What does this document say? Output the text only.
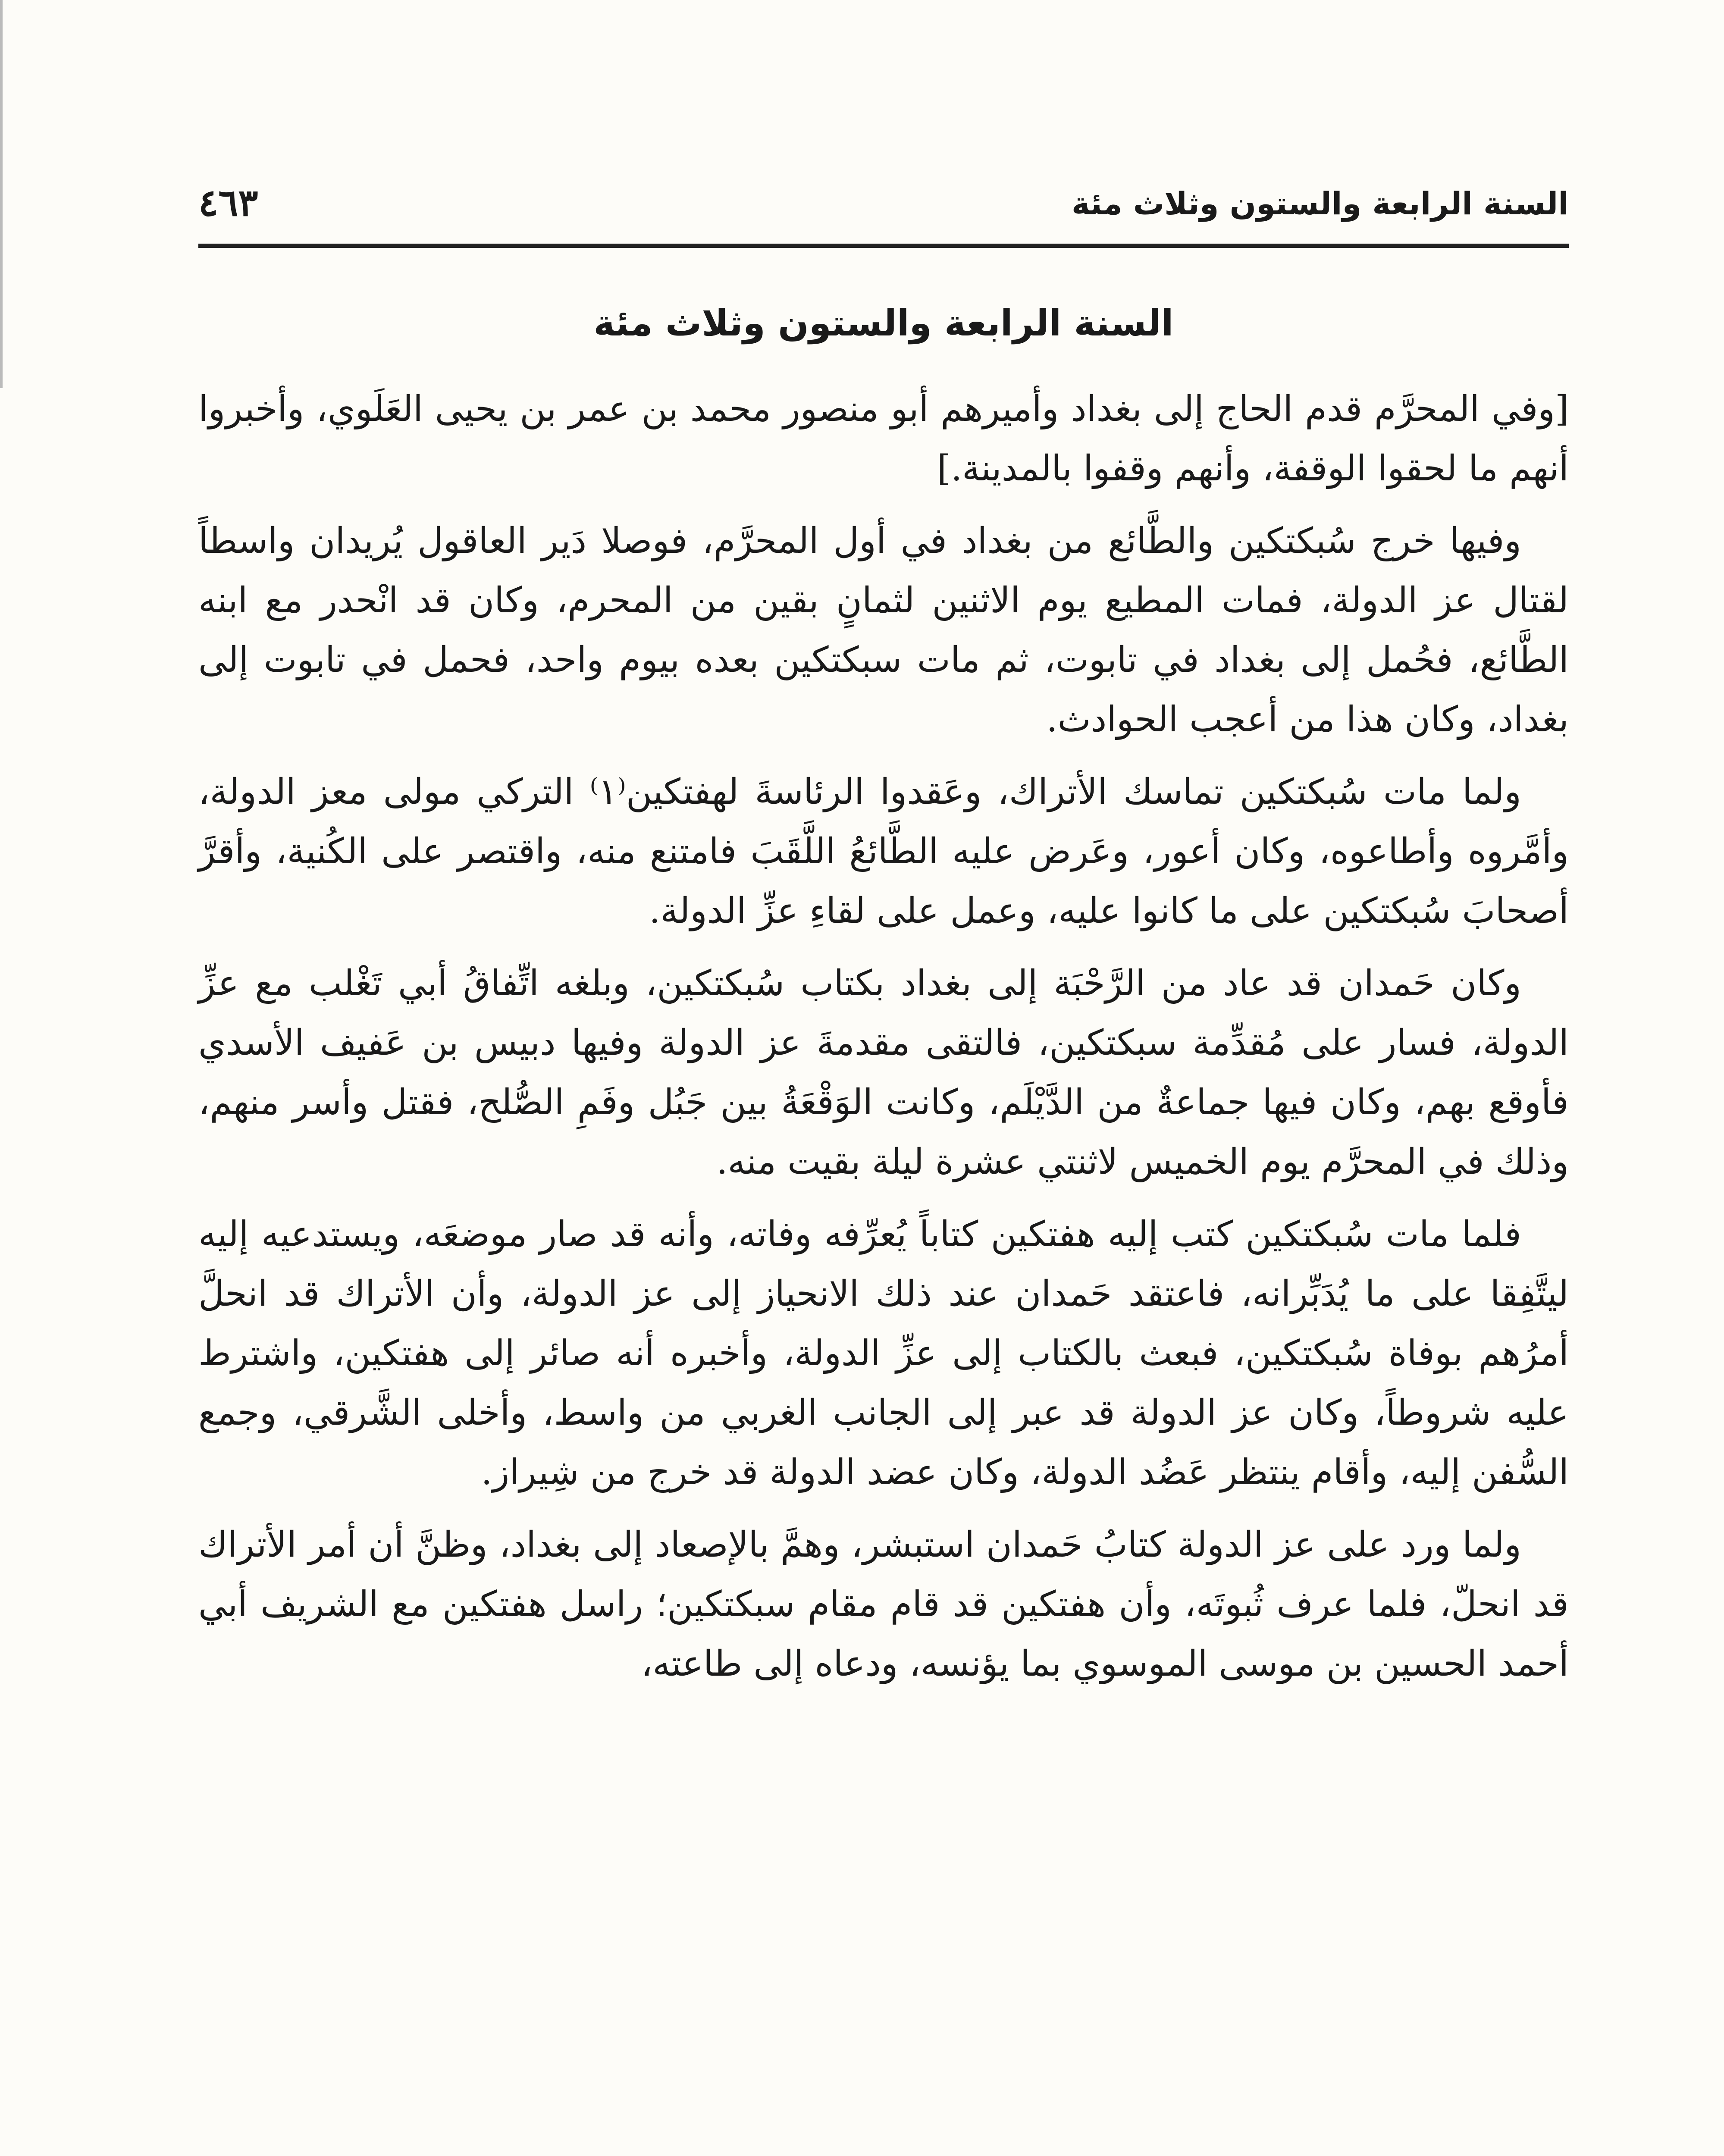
السنة الرابعة والستون وثلاث مئة
٤٦٣
السنة الرابعة والستون وثلاث مئة

[وفي المحرَّم قدم الحاج إلى بغداد وأميرهم أبو منصور محمد بن عمر بن يحيى العَلَوي، وأخبروا أنهم ما لحقوا الوقفة، وأنهم وقفوا بالمدينة.]

وفيها خرج سُبكتكين والطَّائع من بغداد في أول المحرَّم، فوصلا دَير العاقول يُريدان واسطاً لقتال عز الدولة، فمات المطيع يوم الاثنين لثمانٍ بقين من المحرم، وكان قد انْحدر مع ابنه الطَّائع، فحُمل إلى بغداد في تابوت، ثم مات سبكتكين بعده بيوم واحد، فحمل في تابوت إلى بغداد، وكان هذا من أعجب الحوادث.

ولما مات سُبكتكين تماسك الأتراك، وعَقدوا الرئاسةَ لهفتكين⁽١⁾ التركي مولى معز الدولة، وأمَّروه وأطاعوه، وكان أعور، وعَرض عليه الطَّائعُ اللَّقَبَ فامتنع منه، واقتصر على الكُنية، وأقرَّ أصحابَ سُبكتكين على ما كانوا عليه، وعمل على لقاءِ عزِّ الدولة.

وكان حَمدان قد عاد من الرَّحْبَة إلى بغداد بكتاب سُبكتكين، وبلغه اتِّفاقُ أبي تَغْلب مع عزِّ الدولة، فسار على مُقدِّمة سبكتكين، فالتقى مقدمةَ عز الدولة وفيها دبيس بن عَفيف الأسدي فأوقع بهم، وكان فيها جماعةٌ من الدَّيْلَم، وكانت الوَقْعَةُ بين جَبُل وفَمِ الصُّلح، فقتل وأسر منهم، وذلك في المحرَّم يوم الخميس لاثنتي عشرة ليلة بقيت منه.

فلما مات سُبكتكين كتب إليه هفتكين كتاباً يُعرِّفه وفاته، وأنه قد صار موضعَه، ويستدعيه إليه ليتَّفِقا على ما يُدَبِّرانه، فاعتقد حَمدان عند ذلك الانحياز إلى عز الدولة، وأن الأتراك قد انحلَّ أمرُهم بوفاة سُبكتكين، فبعث بالكتاب إلى عزِّ الدولة، وأخبره أنه صائر إلى هفتكين، واشترط عليه شروطاً، وكان عز الدولة قد عبر إلى الجانب الغربي من واسط، وأخلى الشَّرقي، وجمع السُّفن إليه، وأقام ينتظر عَضُد الدولة، وكان عضد الدولة قد خرج من شِيراز.

ولما ورد على عز الدولة كتابُ حَمدان استبشر، وهمَّ بالإصعاد إلى بغداد، وظنَّ أن أمر الأتراك قد انحلّ، فلما عرف ثُبوتَه، وأن هفتكين قد قام مقام سبكتكين؛ راسل هفتكين مع الشريف أبي أحمد الحسين بن موسى الموسوي بما يؤنسه، ودعاه إلى طاعته،
